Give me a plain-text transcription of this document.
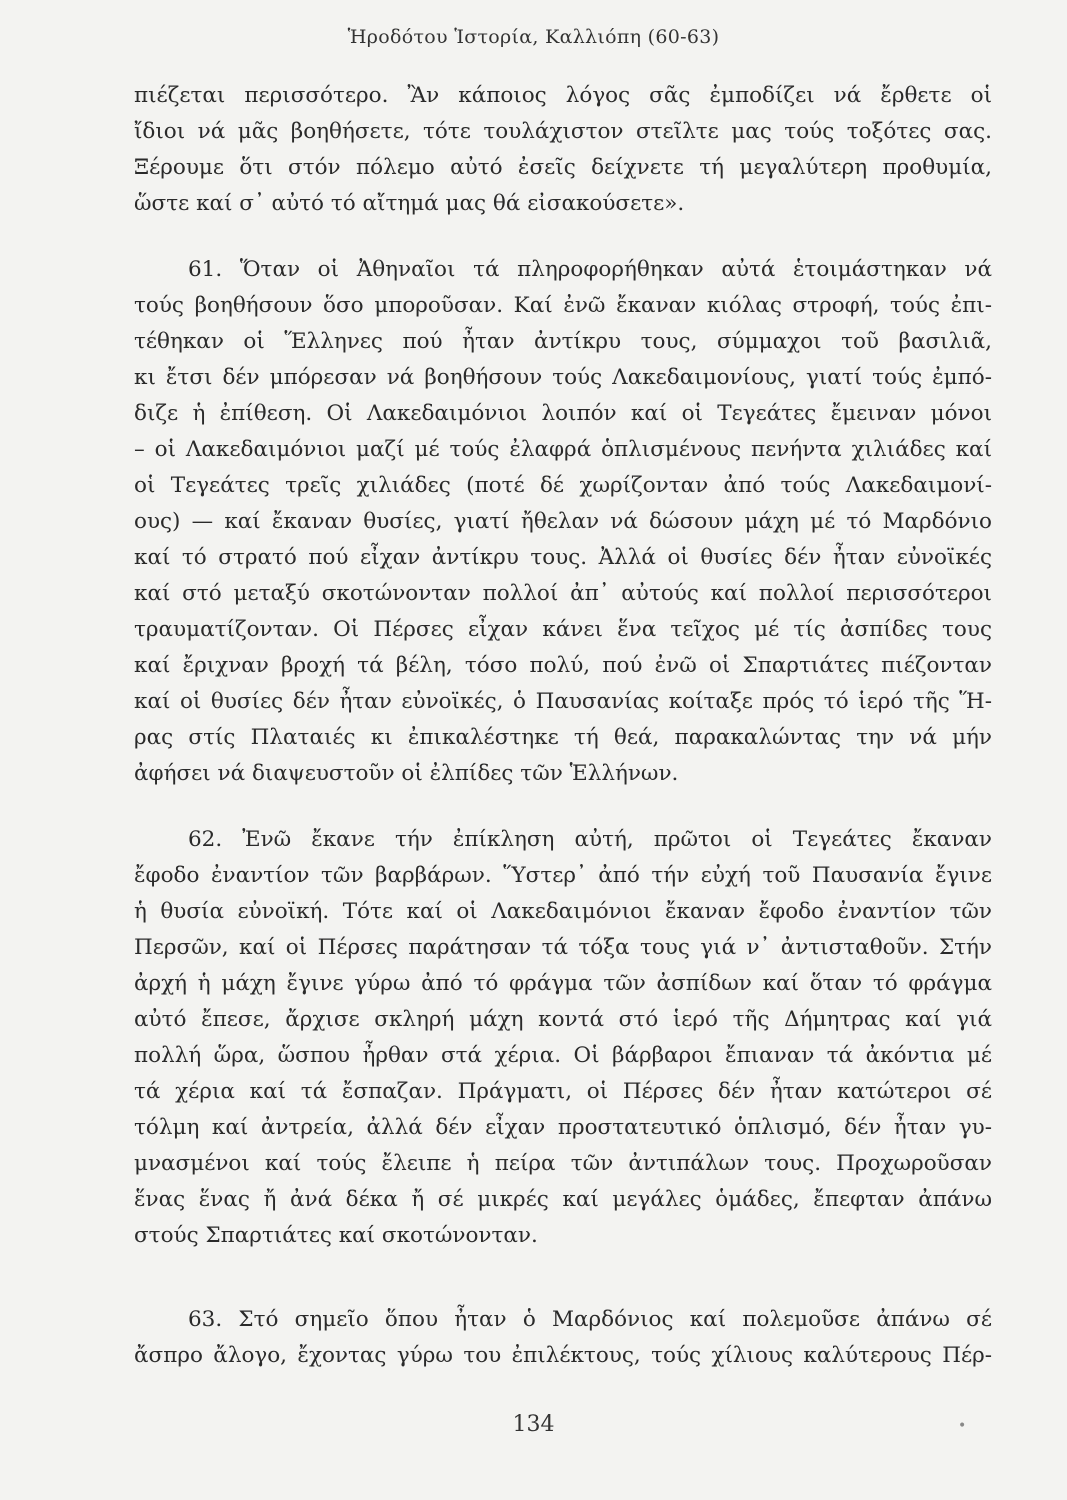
Ἡροδότου Ἱστορία, Καλλιόπη (60-63)
πιέζεται περισσότερο. Ἂν κάποιος λόγος σᾶς ἐμποδίζει νά ἔρθετε οἱ
ἴδιοι νά μᾶς βοηθήσετε, τότε τουλάχιστον στεῖλτε μας τούς τοξότες σας.
Ξέρουμε ὅτι στόν πόλεμο αὐτό ἐσεῖς δείχνετε τή μεγαλύτερη προθυμία,
ὥστε καί σ᾽ αὐτό τό αἴτημά μας θά εἰσακούσετε».
61. Ὅταν οἱ Ἀθηναῖοι τά πληροφορήθηκαν αὐτά ἑτοιμάστηκαν νά
τούς βοηθήσουν ὅσο μποροῦσαν. Καί ἐνῶ ἔκαναν κιόλας στροφή, τούς ἐπι-
τέθηκαν οἱ Ἕλληνες πού ἦταν ἀντίκρυ τους, σύμμαχοι τοῦ βασιλιᾶ,
κι ἔτσι δέν μπόρεσαν νά βοηθήσουν τούς Λακεδαιμονίους, γιατί τούς ἐμπό-
διζε ἡ ἐπίθεση. Οἱ Λακεδαιμόνιοι λοιπόν καί οἱ Τεγεάτες ἔμειναν μόνοι
– οἱ Λακεδαιμόνιοι μαζί μέ τούς ἐλαφρά ὁπλισμένους πενήντα χιλιάδες καί
οἱ Τεγεάτες τρεῖς χιλιάδες (ποτέ δέ χωρίζονταν ἀπό τούς Λακεδαιμονί-
ους) — καί ἔκαναν θυσίες, γιατί ἤθελαν νά δώσουν μάχη μέ τό Μαρδόνιο
καί τό στρατό πού εἶχαν ἀντίκρυ τους. Ἀλλά οἱ θυσίες δέν ἦταν εὐνοϊκές
καί στό μεταξύ σκοτώνονταν πολλοί ἀπ᾽ αὐτούς καί πολλοί περισσότεροι
τραυματίζονταν. Οἱ Πέρσες εἶχαν κάνει ἕνα τεῖχος μέ τίς ἀσπίδες τους
καί ἔριχναν βροχή τά βέλη, τόσο πολύ, πού ἐνῶ οἱ Σπαρτιάτες πιέζονταν
καί οἱ θυσίες δέν ἦταν εὐνοϊκές, ὁ Παυσανίας κοίταξε πρός τό ἱερό τῆς Ἥ-
ρας στίς Πλαταιές κι ἐπικαλέστηκε τή θεά, παρακαλώντας την νά μήν
ἀφήσει νά διαψευστοῦν οἱ ἐλπίδες τῶν Ἑλλήνων.
62. Ἐνῶ ἔκανε τήν ἐπίκληση αὐτή, πρῶτοι οἱ Τεγεάτες ἔκαναν
ἔφοδο ἐναντίον τῶν βαρβάρων. Ὕστερ᾽ ἀπό τήν εὐχή τοῦ Παυσανία ἔγινε
ἡ θυσία εὐνοϊκή. Τότε καί οἱ Λακεδαιμόνιοι ἔκαναν ἔφοδο ἐναντίον τῶν
Περσῶν, καί οἱ Πέρσες παράτησαν τά τόξα τους γιά ν᾽ ἀντισταθοῦν. Στήν
ἀρχή ἡ μάχη ἔγινε γύρω ἀπό τό φράγμα τῶν ἀσπίδων καί ὅταν τό φράγμα
αὐτό ἔπεσε, ἄρχισε σκληρή μάχη κοντά στό ἱερό τῆς Δήμητρας καί γιά
πολλή ὥρα, ὥσπου ἦρθαν στά χέρια. Οἱ βάρβαροι ἔπιαναν τά ἀκόντια μέ
τά χέρια καί τά ἔσπαζαν. Πράγματι, οἱ Πέρσες δέν ἦταν κατώτεροι σέ
τόλμη καί ἀντρεία, ἀλλά δέν εἶχαν προστατευτικό ὁπλισμό, δέν ἦταν γυ-
μνασμένοι καί τούς ἔλειπε ἡ πείρα τῶν ἀντιπάλων τους. Προχωροῦσαν
ἕνας ἕνας ἤ ἀνά δέκα ἤ σέ μικρές καί μεγάλες ὁμάδες, ἔπεφταν ἀπάνω
στούς Σπαρτιάτες καί σκοτώνονταν.
63. Στό σημεῖο ὅπου ἦταν ὁ Μαρδόνιος καί πολεμοῦσε ἀπάνω σέ
ἄσπρο ἄλογο, ἔχοντας γύρω του ἐπιλέκτους, τούς χίλιους καλύτερους Πέρ-
134	•
